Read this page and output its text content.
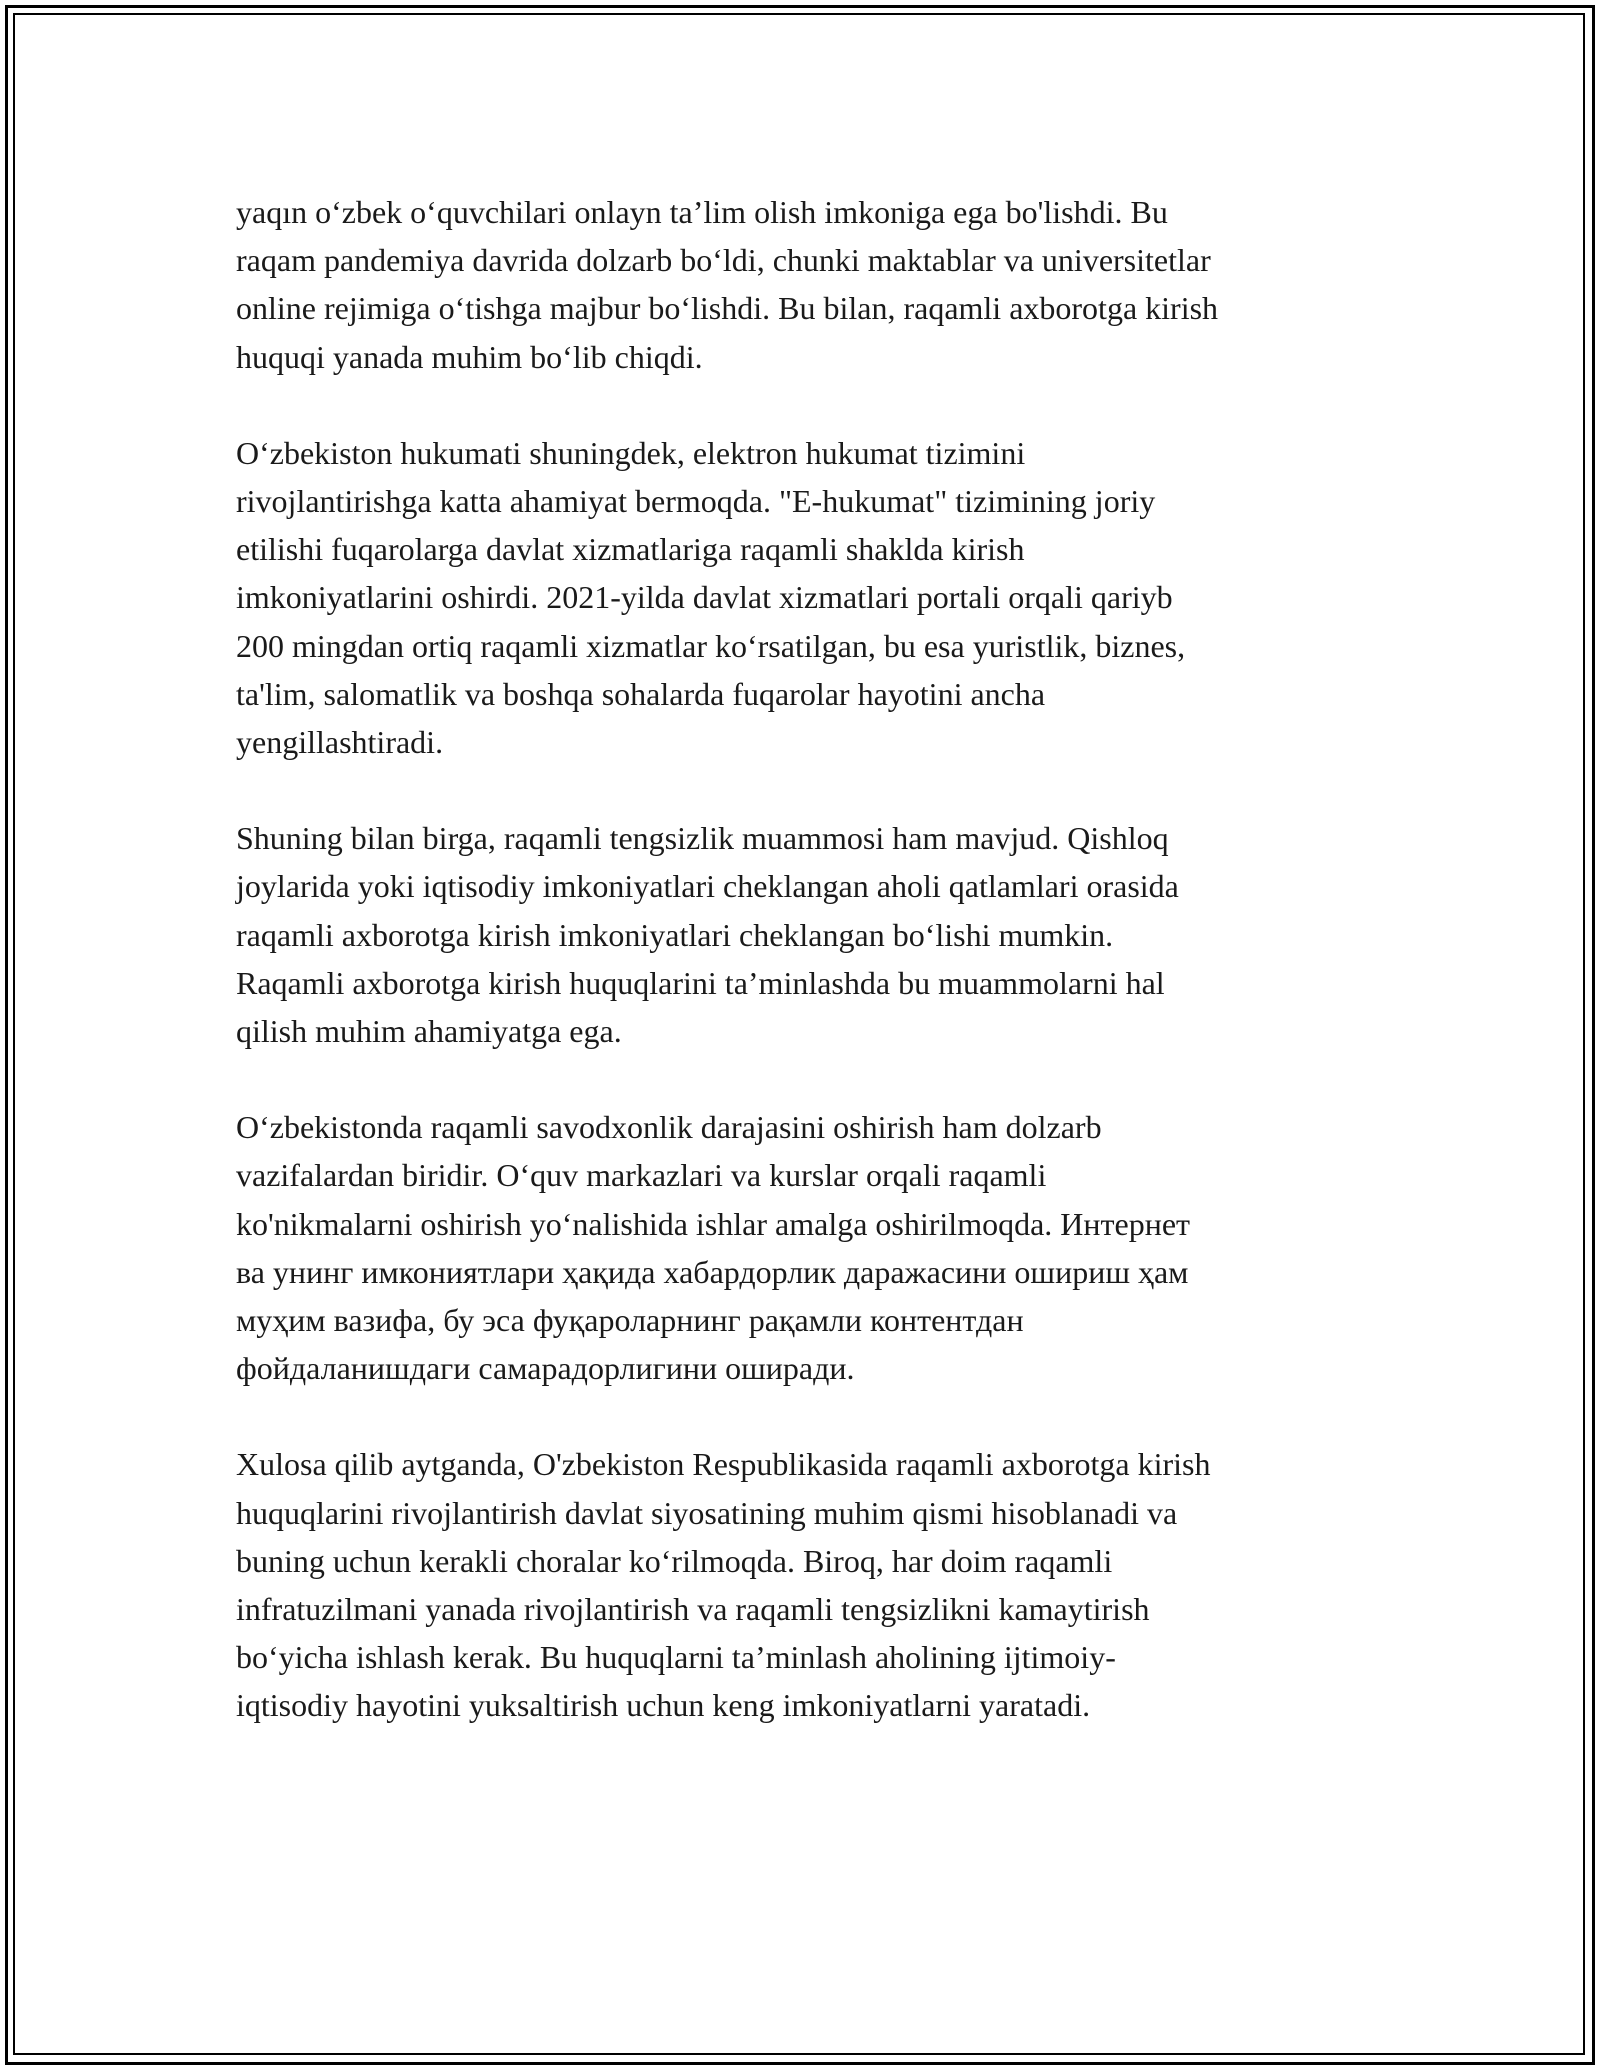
yaqın o‘zbek o‘quvchilari onlayn ta’lim olish imkoniga ega bo'lishdi. Bu
raqam pandemiya davrida dolzarb bo‘ldi, chunki maktablar va universitetlar
online rejimiga o‘tishga majbur bo‘lishdi. Bu bilan, raqamli axborotga kirish
huquqi yanada muhim bo‘lib chiqdi.

O‘zbekiston hukumati shuningdek, elektron hukumat tizimini
rivojlantirishga katta ahamiyat bermoqda. "E-hukumat" tizimining joriy
etilishi fuqarolarga davlat xizmatlariga raqamli shaklda kirish
imkoniyatlarini oshirdi. 2021-yilda davlat xizmatlari portali orqali qariyb
200 mingdan ortiq raqamli xizmatlar ko‘rsatilgan, bu esa yuristlik, biznes,
ta'lim, salomatlik va boshqa sohalarda fuqarolar hayotini ancha
yengillashtiradi.

Shuning bilan birga, raqamli tengsizlik muammosi ham mavjud. Qishloq
joylarida yoki iqtisodiy imkoniyatlari cheklangan aholi qatlamlari orasida
raqamli axborotga kirish imkoniyatlari cheklangan bo‘lishi mumkin.
Raqamli axborotga kirish huquqlarini ta’minlashda bu muammolarni hal
qilish muhim ahamiyatga ega.

O‘zbekistonda raqamli savodxonlik darajasini oshirish ham dolzarb
vazifalardan biridir. O‘quv markazlari va kurslar orqali raqamli
ko'nikmalarni oshirish yo‘nalishida ishlar amalga oshirilmoqda. Интернет
ва унинг имкониятлари ҳақида хабардорлик даражасини ошириш ҳам
муҳим вазифа, бу эса фуқароларнинг рақамли контентдан
фойдаланишдаги самарадорлигини оширади.

Xulosa qilib aytganda, O'zbekiston Respublikasida raqamli axborotga kirish
huquqlarini rivojlantirish davlat siyosatining muhim qismi hisoblanadi va
buning uchun kerakli choralar ko‘rilmoqda. Biroq, har doim raqamli
infratuzilmani yanada rivojlantirish va raqamli tengsizlikni kamaytirish
bo‘yicha ishlash kerak. Bu huquqlarni ta’minlash aholining ijtimoiy-
iqtisodiy hayotini yuksaltirish uchun keng imkoniyatlarni yaratadi.
